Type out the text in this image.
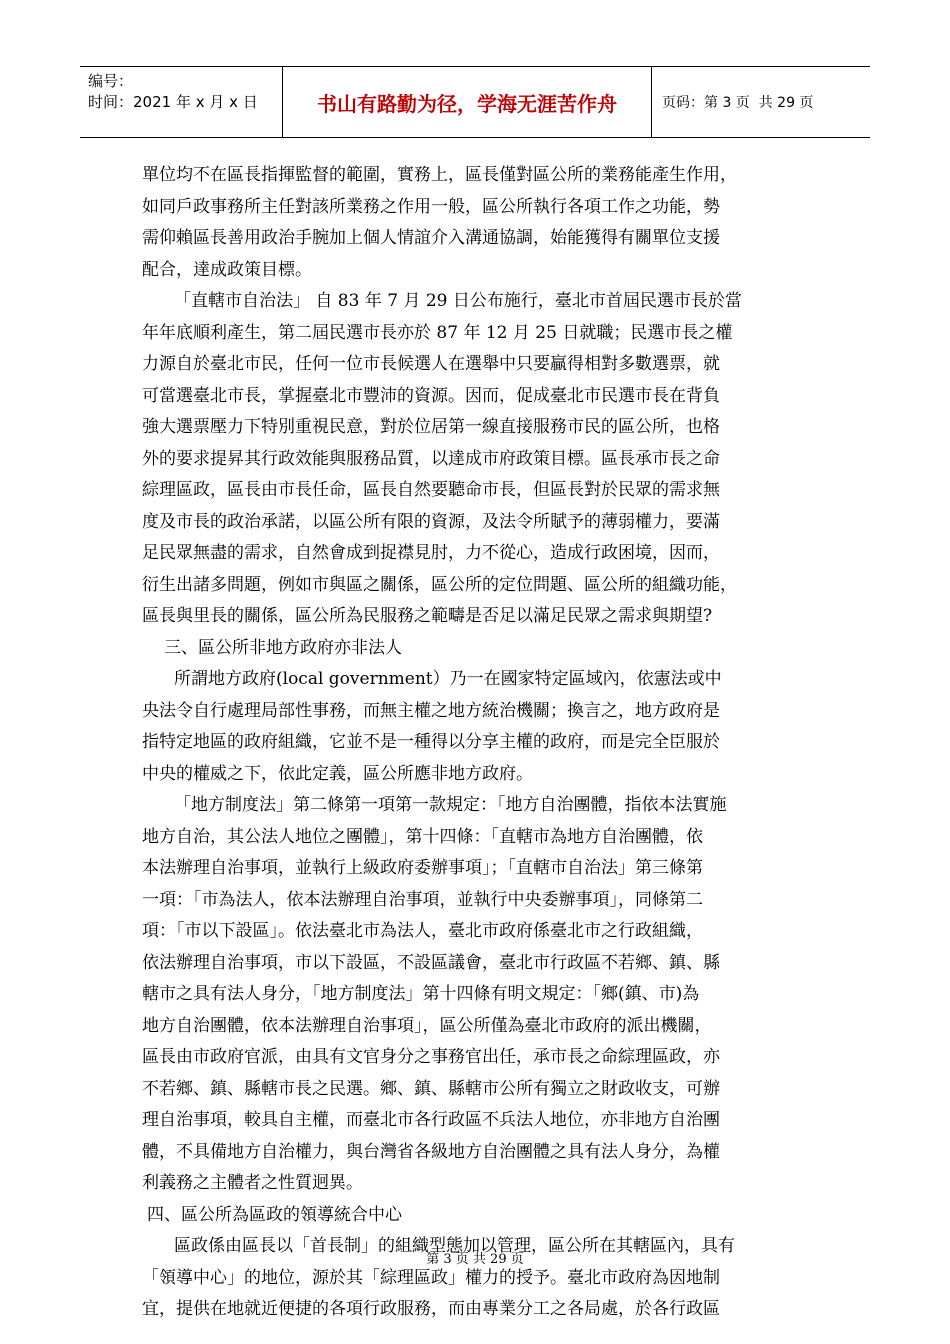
编号：
时间：2021 年 x 月 x 日	书山有路勤为径，学海无涯苦作舟	页码：第 3 页  共 29 页

單位均不在區長指揮監督的範圍，實務上，區長僅對區公所的業務能產生作用，

如同戶政事務所主任對該所業務之作用一般，區公所執行各項工作之功能，勢

需仰賴區長善用政治手腕加上個人情誼介入溝通協調，始能獲得有關單位支援

配合，達成政策目標。

「直轄市自治法」 自 83 年 7 月 29 日公布施行，臺北市首屆民選市長於當

年年底順利產生，第二屆民選市長亦於 87 年 12 月 25 日就職；民選市長之權

力源自於臺北市民，任何一位市長候選人在選舉中只要贏得相對多數選票，就

可當選臺北市長，掌握臺北市豐沛的資源。因而，促成臺北市民選市長在背負

強大選票壓力下特別重視民意，對於位居第一線直接服務市民的區公所，也格

外的要求提昇其行政效能與服務品質，以達成市府政策目標。區長承市長之命

綜理區政，區長由市長任命，區長自然要聽命市長，但區長對於民眾的需求無

度及市長的政治承諾，以區公所有限的資源，及法令所賦予的薄弱權力，要滿

足民眾無盡的需求，自然會成到捉襟見肘，力不從心，造成行政困境，因而，

衍生出諸多問題，例如市與區之關係，區公所的定位問題、區公所的組織功能，

區長與里長的關係，區公所為民服務之範疇是否足以滿足民眾之需求與期望?

三、區公所非地方政府亦非法人

所謂地方政府(local government）乃一在國家特定區域內，依憲法或中

央法令自行處理局部性事務，而無主權之地方統治機關；換言之，地方政府是

指特定地區的政府組織，它並不是一種得以分享主權的政府，而是完全臣服於

中央的權威之下，依此定義，區公所應非地方政府。

「地方制度法」第二條第一項第一款規定：「地方自治團體，指依本法實施

地方自治，其公法人地位之團體」，第十四條：「直轄市為地方自治團體，依

本法辦理自治事項，並執行上級政府委辦事項」；「直轄市自治法」第三條第

一項：「市為法人，依本法辦理自治事項，並執行中央委辦事項」，同條第二

項：「市以下設區」。依法臺北市為法人，臺北市政府係臺北市之行政組織，

依法辦理自治事項，市以下設區，不設區議會，臺北市行政區不若鄉、鎮、縣

轄市之具有法人身分，「地方制度法」第十四條有明文規定：「鄉(鎮、市)為

地方自治團體，依本法辦理自治事項」，區公所僅為臺北市政府的派出機關，

區長由市政府官派，由具有文官身分之事務官出任，承市長之命綜理區政，亦

不若鄉、鎮、縣轄市長之民選。鄉、鎮、縣轄市公所有獨立之財政收支，可辦

理自治事項，較具自主權，而臺北市各行政區不兵法人地位，亦非地方自治團

體，不具備地方自治權力，與台灣省各級地方自治團體之具有法人身分，為權

利義務之主體者之性質迥異。

四、區公所為區政的領導統合中心

區政係由區長以「首長制」的組織型態加以管理，區公所在其轄區內，具有

「領導中心」的地位，源於其「綜理區政」權力的授予。臺北市政府為因地制

宜，提供在地就近便捷的各項行政服務，而由專業分工之各局處，於各行政區

第 3 页 共 29 页
